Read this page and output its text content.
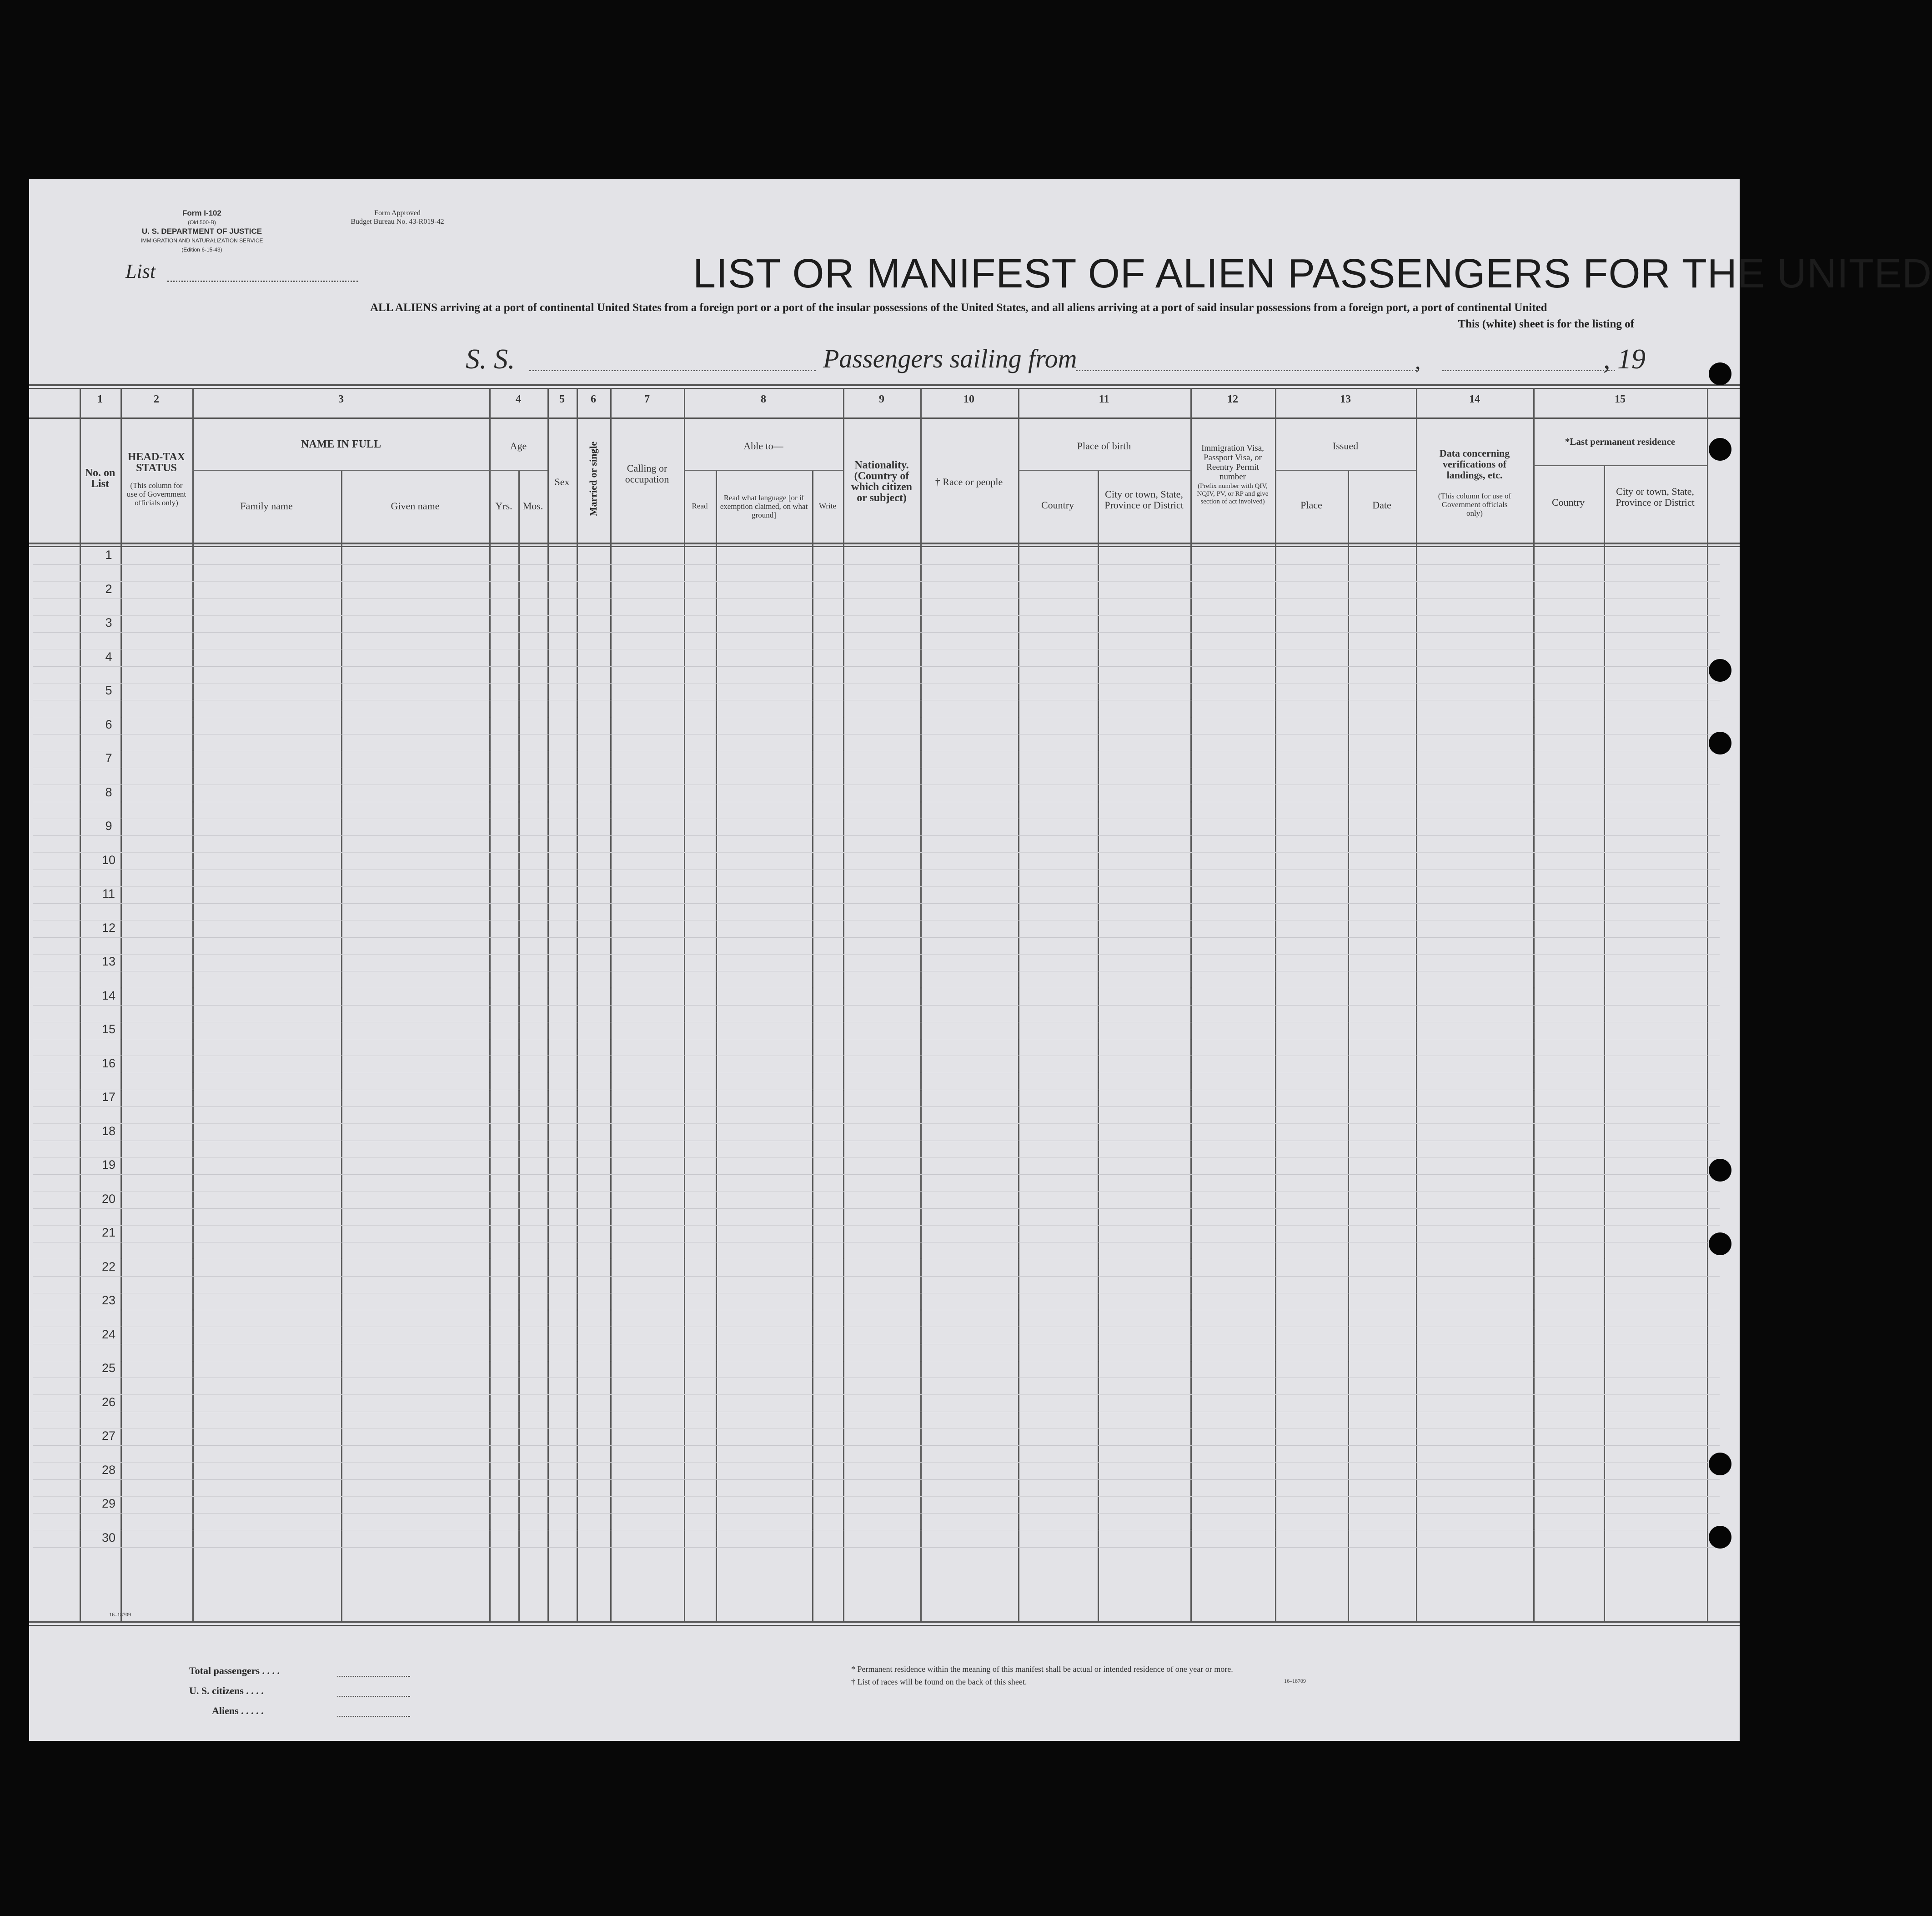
Form I-102
(Old 500-B)
U. S. DEPARTMENT OF JUSTICE
IMMIGRATION AND NATURALIZATION SERVICE
(Edition 6-15-43)
Form Approved
Budget Bureau No. 43-R019-42
List	LIST OR MANIFEST OF ALIEN PASSENGERS FOR THE UNITED
ALL ALIENS arriving at a port of continental United States from a foreign port or a port of the insular possessions of the United States, and all aliens arriving at a port of said insular possessions from a foreign port, a port of continental United
This (white) sheet is for the listing of
S. S.	Passengers sailing from	,	, 19
1	2	3	4	5 6	7	8	9	10	11	12	13	14	15
No. on List
HEAD-TAX STATUS
(This column for use of Government officials only)
NAME IN FULL
Family name	Given name
Age
Yrs. Mos.
Sex Married or single	Calling or occupation
Able to—
Read
Read what language [or if exemption claimed, on what ground]
Write
Nationality. (Country of which citizen or subject)
† Race or people
Place of birth
Country
City or town, State, Province or District
Immigration Visa, Passport Visa, or Reentry Permit number
(Prefix number with QIV, NQIV, PV, or RP and give section of act involved)
Issued
Place	Date
Data concerning verifications of landings, etc.
(This column for use of Government officials only)
*Last permanent residence
Country
City or town, State, Province or District
1
2
3
4
5
6
7
8
9
10
11
12
13
14
15
16
17
18
19
20
21
22
23
24
25
26
27
28
29
30
16–18709
Total passengers . . . .
U. S. citizens . . . .
Aliens . . . . .
* Permanent residence within the meaning of this manifest shall be actual or intended residence of one year or more.
† List of races will be found on the back of this sheet.	16–18709
